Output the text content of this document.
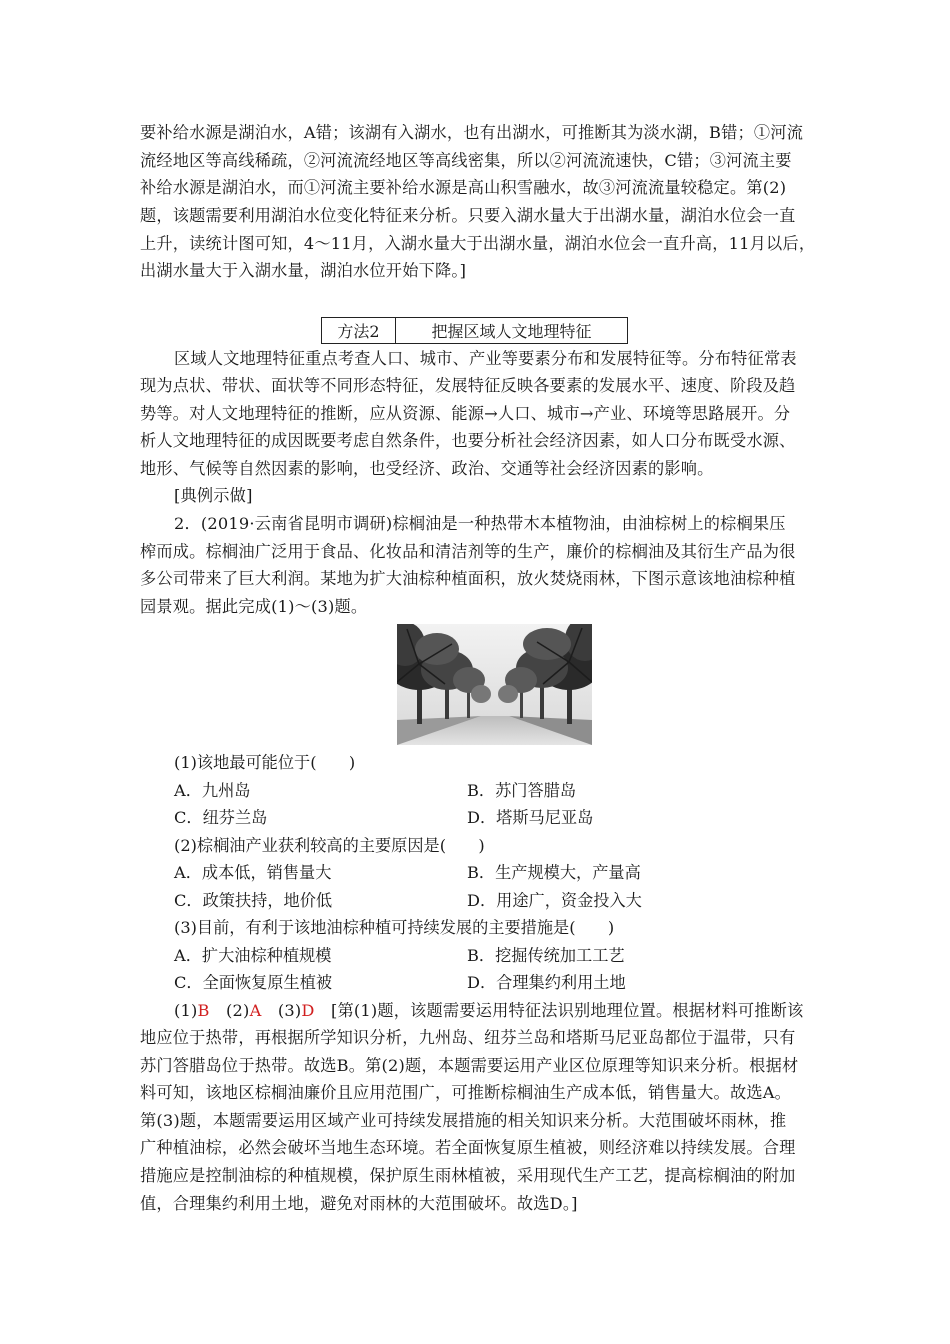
要补给水源是湖泊水，A错；该湖有入湖水，也有出湖水，可推断其为淡水湖，B错；①河流
流经地区等高线稀疏，②河流流经地区等高线密集，所以②河流流速快，C错；③河流主要
补给水源是湖泊水，而①河流主要补给水源是高山积雪融水，故③河流流量较稳定。第(2)
题，该题需要利用湖泊水位变化特征来分析。只要入湖水量大于出湖水量，湖泊水位会一直
上升，读统计图可知，4～11月，入湖水量大于出湖水量，湖泊水位会一直升高，11月以后，
出湖水量大于入湖水量，湖泊水位开始下降。]
方法2	把握区域人文地理特征
区域人文地理特征重点考查人口、城市、产业等要素分布和发展特征等。分布特征常表
现为点状、带状、面状等不同形态特征，发展特征反映各要素的发展水平、速度、阶段及趋
势等。对人文地理特征的推断，应从资源、能源→人口、城市→产业、环境等思路展开。分
析人文地理特征的成因既要考虑自然条件，也要分析社会经济因素，如人口分布既受水源、
地形、气候等自然因素的影响，也受经济、政治、交通等社会经济因素的影响。
[典例示做]
2．(2019·云南省昆明市调研)棕榈油是一种热带木本植物油，由油棕树上的棕榈果压
榨而成。棕榈油广泛用于食品、化妆品和清洁剂等的生产，廉价的棕榈油及其衍生产品为很
多公司带来了巨大利润。某地为扩大油棕种植面积，放火焚烧雨林，下图示意该地油棕种植
园景观。据此完成(1)～(3)题。
(1)该地最可能位于(　　)
A．九州岛	B．苏门答腊岛
C．纽芬兰岛	D．塔斯马尼亚岛
(2)棕榈油产业获利较高的主要原因是(　　)
A．成本低，销售量大	B．生产规模大，产量高
C．政策扶持，地价低	D．用途广，资金投入大
(3)目前，有利于该地油棕种植可持续发展的主要措施是(　　)
A．扩大油棕种植规模	B．挖掘传统加工工艺
C．全面恢复原生植被	D．合理集约利用土地
(1)B　 (2)A　 (3)D　 [第(1)题，该题需要运用特征法识别地理位置。根据材料可推断该
地应位于热带，再根据所学知识分析，九州岛、纽芬兰岛和塔斯马尼亚岛都位于温带，只有
苏门答腊岛位于热带。故选B。第(2)题，本题需要运用产业区位原理等知识来分析。根据材
料可知，该地区棕榈油廉价且应用范围广，可推断棕榈油生产成本低，销售量大。故选A。
第(3)题，本题需要运用区域产业可持续发展措施的相关知识来分析。大范围破坏雨林，推
广种植油棕，必然会破坏当地生态环境。若全面恢复原生植被，则经济难以持续发展。合理
措施应是控制油棕的种植规模，保护原生雨林植被，采用现代生产工艺，提高棕榈油的附加
值，合理集约利用土地，避免对雨林的大范围破坏。故选D。]
